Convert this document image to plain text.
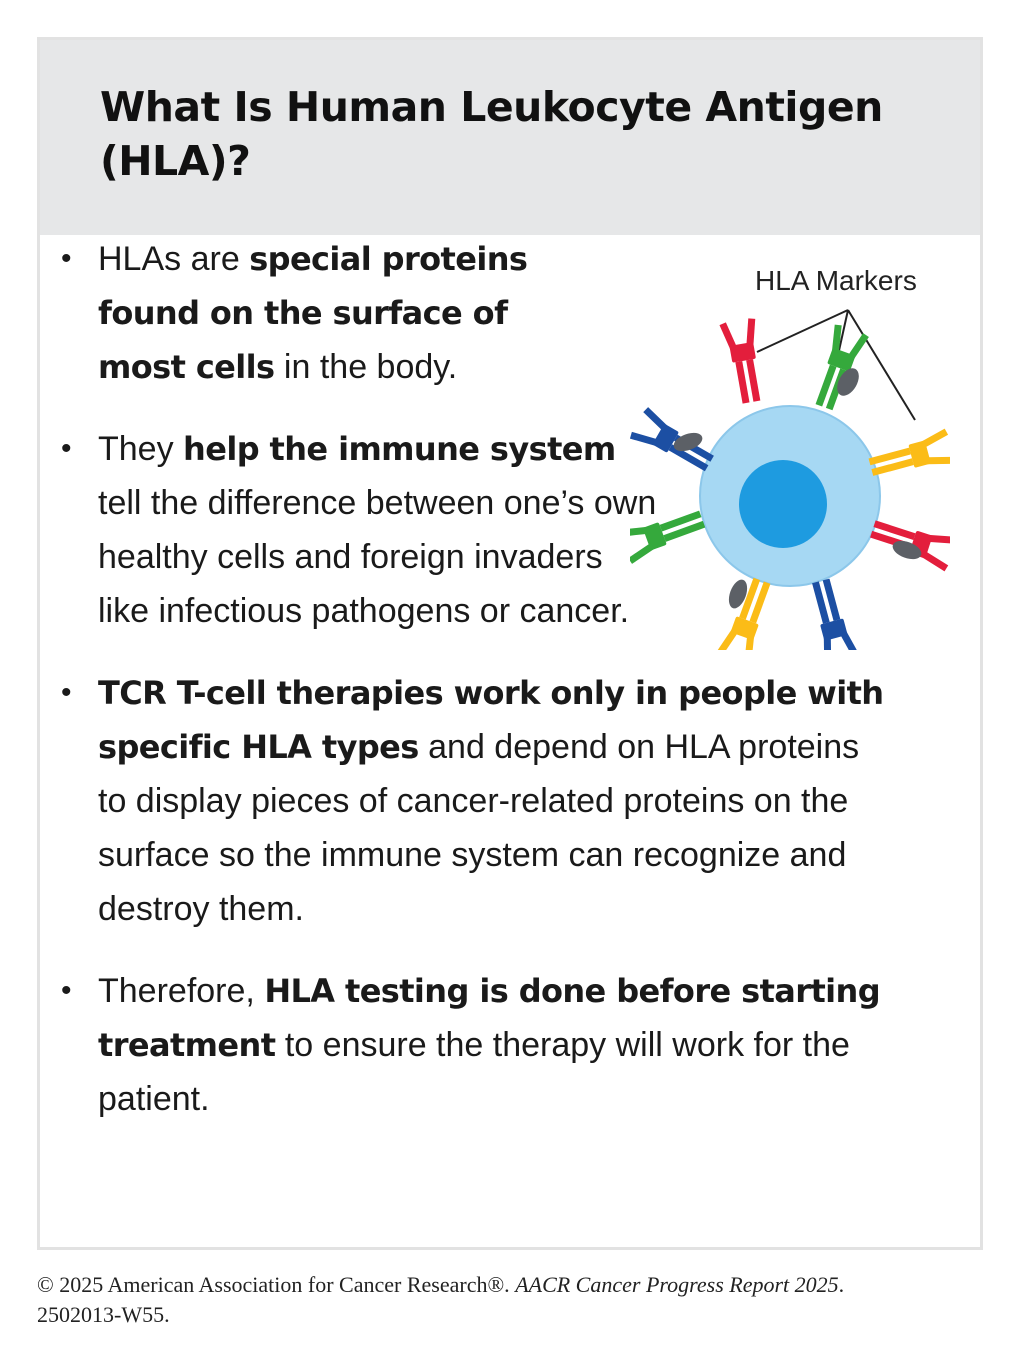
What Is Human Leukocyte Antigen (HLA)?
• HLAs are special proteins found on the surface of most cells in the body.
• They help the immune system tell the difference between one’s own healthy cells and foreign invaders
like infectious pathogens or cancer.
• TCR T-cell therapies work only in people with specific HLA types and depend on HLA proteins to display pieces of cancer-related proteins on the surface so the immune system can recognize and destroy them.
• Therefore, HLA testing is done before starting treatment to ensure the therapy will work for the patient.
HLA Markers
© 2025 American Association for Cancer Research®. AACR Cancer Progress Report 2025.
2502013-W55.
